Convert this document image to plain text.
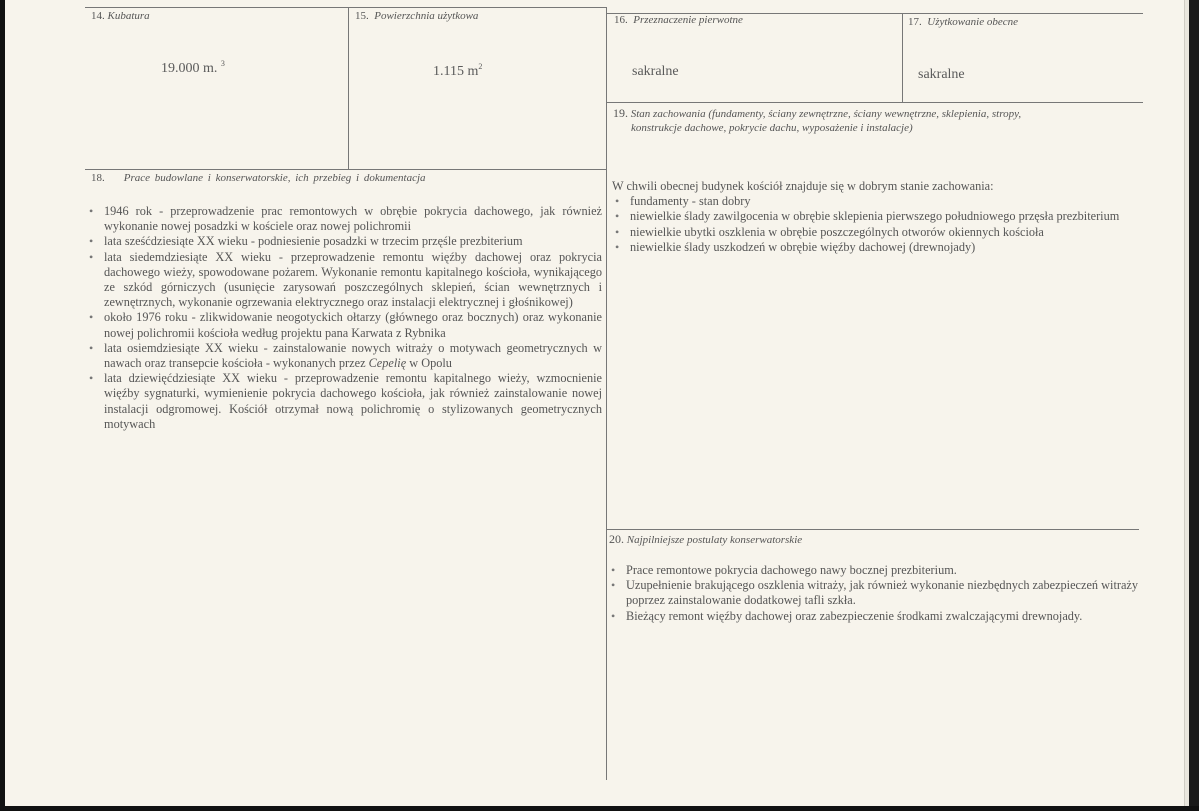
14. Kubatura
19.000 m. $^3$
15. Powierzchnia użytkowa
1.115 $m^2$
16. Przeznaczenie pierwotne
sakralne
17. Użytkowanie obecne
sakralne
19. Stan zachowania (fundamenty, ściany zewnętrzne, ściany wewnętrzne, sklepienia, stropy,
konstrukcje dachowe, pokrycie dachu, wyposażenie i instalacje)
18. Prace budowlane i konserwatorskie, ich przebieg i dokumentacja
• 1946 rok - przeprowadzenie prac remontowych w obrębie pokrycia dachowego, jak również wykonanie nowej posadzki w kościele oraz nowej polichromii
• lata sześćdziesiąte XX wieku - podniesienie posadzki w trzecim przęśle prezbiterium
• lata siedemdziesiąte XX wieku - przeprowadzenie remontu więźby dachowej oraz pokrycia dachowego wieży, spowodowane pożarem. Wykonanie remontu kapitalnego kościoła, wynikającego ze szkód górniczych (usunięcie zarysowań poszczególnych sklepień, ścian wewnętrznych i zewnętrznych, wykonanie ogrzewania elektrycznego oraz instalacji elektrycznej i głośnikowej)
• około 1976 roku - zlikwidowanie neogotyckich ołtarzy (głównego oraz bocznych) oraz wykonanie nowej polichromii kościoła według projektu pana Karwata z Rybnika
• lata osiemdziesiąte XX wieku - zainstalowanie nowych witraży o motywach geometrycznych w nawach oraz transepcie kościoła - wykonanych przez Cepelię w Opolu
• lata dziewięćdziesiąte XX wieku - przeprowadzenie remontu kapitalnego wieży, wzmocnienie więźby sygnaturki, wymienienie pokrycia dachowego kościoła, jak również zainstalowanie nowej instalacji odgromowej. Kościół otrzymał nową polichromię o stylizowanych geometrycznych motywach

W chwili obecnej budynek kościół znajduje się w dobrym stanie zachowania:

• fundamenty - stan dobry
• niewielkie ślady zawilgocenia w obrębie sklepienia pierwszego południowego przęsła prezbiterium
• niewielkie ubytki oszklenia w obrębie poszczególnych otworów okiennych kościoła
• niewielkie ślady uszkodzeń w obrębie więźby dachowej (drewnojady)
20. Najpilniejsze postulaty konserwatorskie
• Prace remontowe pokrycia dachowego nawy bocznej prezbiterium.
• Uzupełnienie brakującego oszklenia witraży, jak również wykonanie niezbędnych zabezpieczeń witraży poprzez zainstalowanie dodatkowej tafli szkła.
• Bieżący remont więźby dachowej oraz zabezpieczenie środkami zwalczającymi drewnojady.
